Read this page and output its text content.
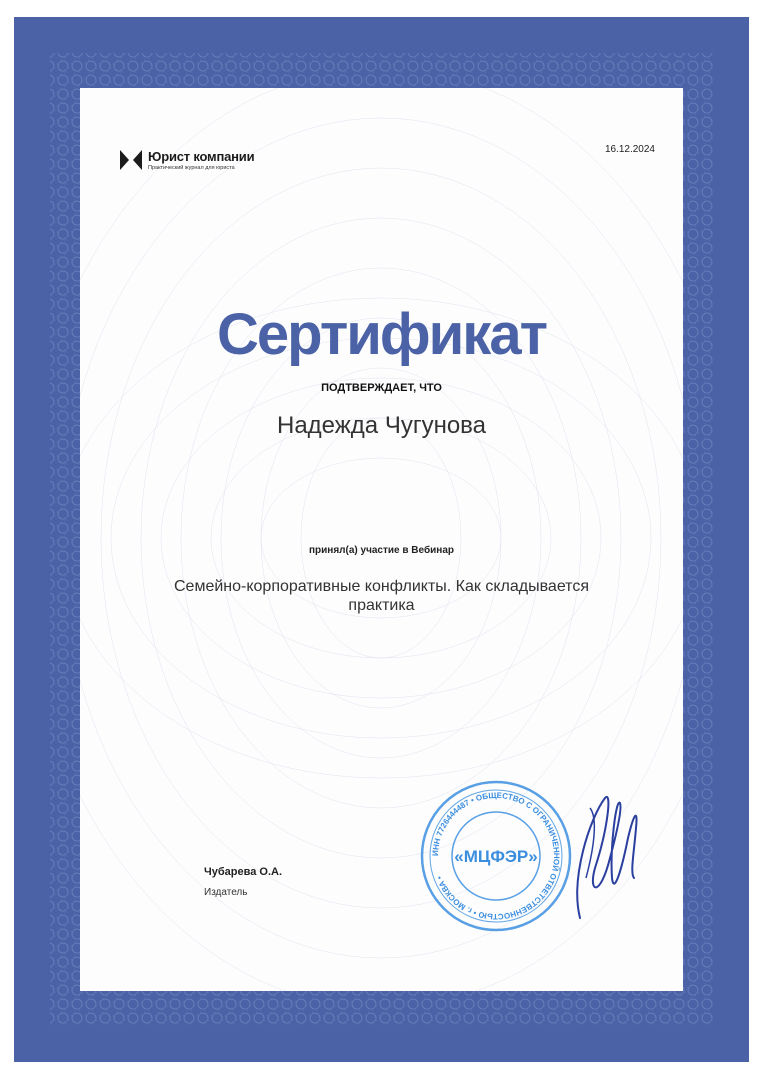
Юрист компании
Практический журнал для юриста
16.12.2024
Сертификат
ПОДТВЕРЖДАЕТ, ЧТО
Надежда Чугунова
принял(а) участие в Вебинар
Семейно-корпоративные конфликты. Как складывается практика
Чубарева О.А.
Издатель
ИНН 7726444487 • ОБЩЕСТВО С ОГРАНИЧЕННОЙ ОТВЕТСТВЕННОСТЬЮ • г. МОСКВА •
«МЦФЭР»
